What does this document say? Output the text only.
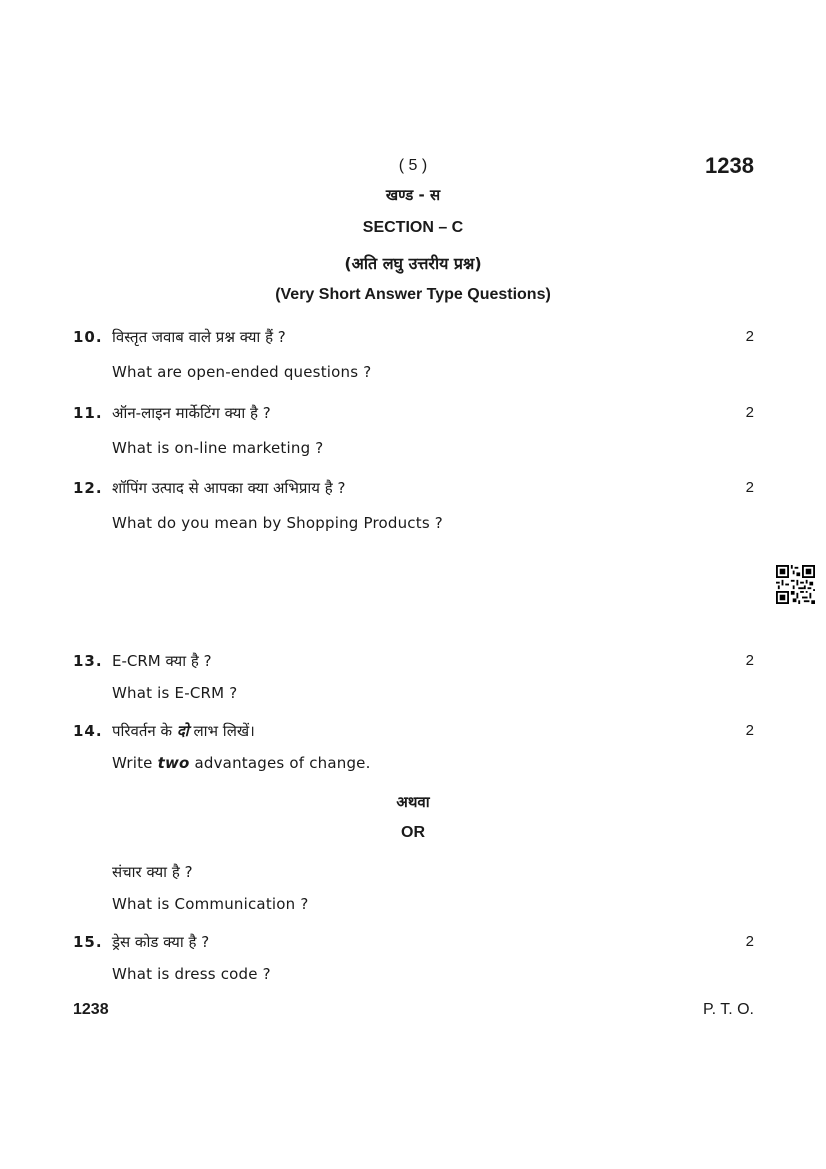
( 5 )	1238
खण्ड - स
SECTION – C
(अति लघु उत्तरीय प्रश्न)
(Very Short Answer Type Questions)
10. विस्तृत जवाब वाले प्रश्न क्या हैं ?	2
What are open-ended questions ?
11. ऑन-लाइन मार्केटिंग क्या है ?	2
What is on-line marketing ?
12. शॉपिंग उत्पाद से आपका क्या अभिप्राय है ?	2
What do you mean by Shopping Products ?
13. E-CRM क्या है ?	2
What is E-CRM ?
14. परिवर्तन के दो लाभ लिखें।	2
Write two advantages of change.
अथवा
OR
संचार क्या है ?
What is Communication ?
15. ड्रेस कोड क्या है ?	2
What is dress code ?
1238	P. T. O.
